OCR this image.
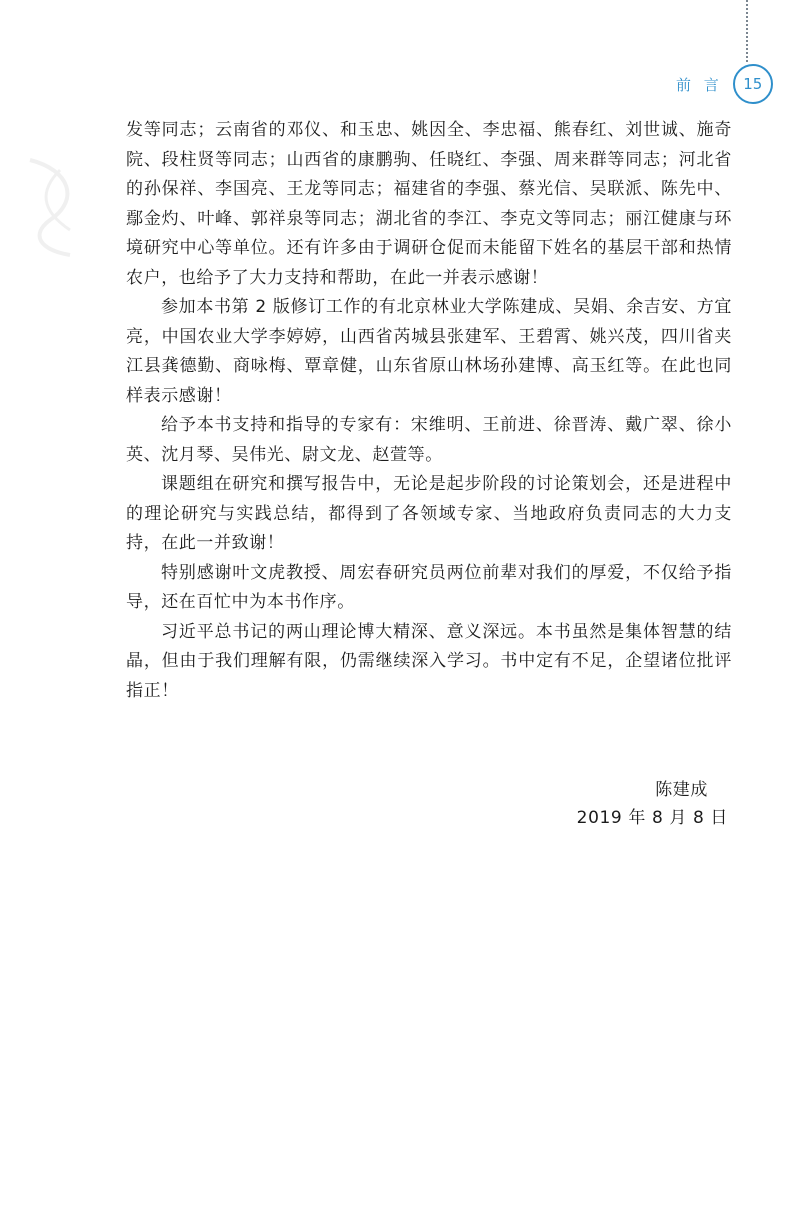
前 言	15

发等同志；云南省的邓仪、和玉忠、姚因全、李忠福、熊春红、刘世诚、施奇院、段柱贤等同志；山西省的康鹏驹、任晓红、李强、周来群等同志；河北省的孙保祥、李国亮、王龙等同志；福建省的李强、蔡光信、吴联派、陈先中、鄢金灼、叶峰、郭祥泉等同志；湖北省的李江、李克文等同志；丽江健康与环境研究中心等单位。还有许多由于调研仓促而未能留下姓名的基层干部和热情农户，也给予了大力支持和帮助，在此一并表示感谢！

参加本书第 2 版修订工作的有北京林业大学陈建成、吴娟、余吉安、方宜亮，中国农业大学李婷婷，山西省芮城县张建军、王碧霄、姚兴茂，四川省夹江县龚德勤、商咏梅、覃章健，山东省原山林场孙建博、高玉红等。在此也同样表示感谢！

给予本书支持和指导的专家有：宋维明、王前进、徐晋涛、戴广翠、徐小英、沈月琴、吴伟光、尉文龙、赵萱等。

课题组在研究和撰写报告中，无论是起步阶段的讨论策划会，还是进程中的理论研究与实践总结，都得到了各领域专家、当地政府负责同志的大力支持，在此一并致谢！

特别感谢叶文虎教授、周宏春研究员两位前辈对我们的厚爱，不仅给予指导，还在百忙中为本书作序。

习近平总书记的两山理论博大精深、意义深远。本书虽然是集体智慧的结晶，但由于我们理解有限，仍需继续深入学习。书中定有不足，企望诸位批评指正！

陈建成
2019 年 8 月 8 日
